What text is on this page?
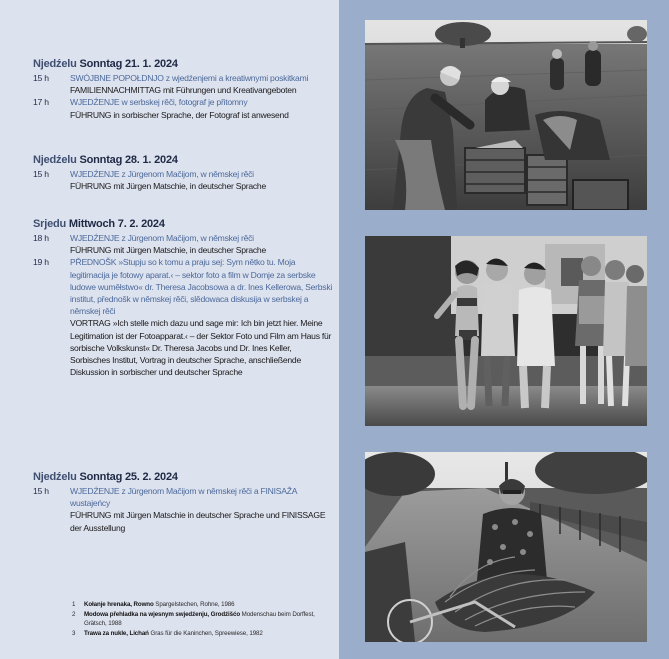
Njedźelu Sonntag 21. 1. 2024
15 h	SWÓJBNE POPOŁDNJO z wjedźenjemi a kreatiwnymi poskitkami
FAMILIENNACHMITTAG mit Führungen und Kreativangeboten
17 h	WJEDŹENJE w serbskej rěči, fotograf je přitomny
FÜHRUNG in sorbischer Sprache, der Fotograf ist anwesend
Njedźelu Sonntag 28. 1. 2024
15 h	WJEDŹENJE z Jürgenom Mačijom, w němskej rěči
FÜHRUNG mit Jürgen Matschie, in deutscher Sprache
Srjedu Mittwoch 7. 2. 2024
18 h	WJEDŹENJE z Jürgenom Mačijom, w němskej rěči
FÜHRUNG mit Jürgen Matschie, in deutscher Sprache
19 h	PŘEDNOŠK »Stupju so k tomu a praju sej: Sym nětko tu. Moja legitimacija je fotowy aparat.‹ – sektor foto a film w Domje za serbske ludowe wuměłstwo« dr. Theresa Jacobsowa a dr. Ines Kellerowa, Serbski institut, přednošk w němskej rěči, slědowaca diskusija w serbskej a němskej rěči
VORTRAG »Ich stelle mich dazu und sage mir: Ich bin jetzt hier. Meine Legitimation ist der Fotoapparat.‹ – der Sektor Foto und Film am Haus für sorbische Volkskunst« Dr. Theresa Jacobs und Dr. Ines Keller, Sorbisches Institut, Vortrag in deutscher Sprache, anschließende Diskussion in sorbischer und deutscher Sprache
Njedźelu Sonntag 25. 2. 2024
15 h	WJEDŹENJE z Jürgenom Mačijom w němskej rěči a FINISAŽA wustajeńcy
FÜHRUNG mit Jürgen Matschie in deutscher Sprache und FINISSAGE der Ausstellung
1	Kołanje hrenaka, Rowno Spargelstechen, Rohne, 1986
2	Modowa přehladka na wjesnym swjedźenju, Grodźišćo Modenschau beim Dorffest, Grätsch, 1988
3	Trawa za nukle, Lichań Gras für die Kaninchen, Spreewiese, 1982
